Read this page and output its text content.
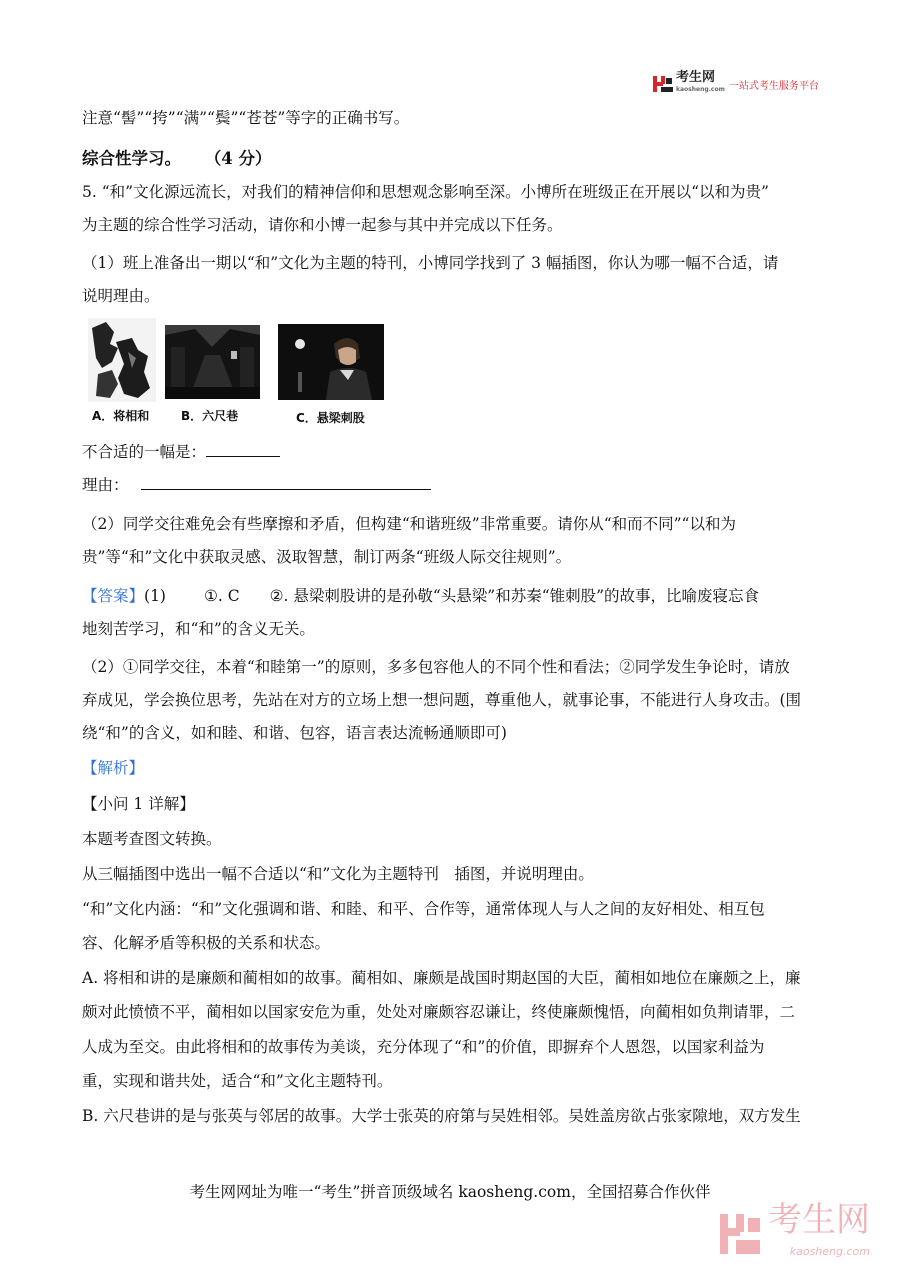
考生网
kaosheng.com 一站式考生服务平台
注意“髻”“挎”“满”“鬓”“苍苍”等字的正确书写。
综合性学习。 （4 分）
5. “和”文化源远流长，对我们的精神信仰和思想观念影响至深。小博所在班级正在开展以“以和为贵”
为主题的综合性学习活动，请你和小博一起参与其中并完成以下任务。
（1）班上准备出一期以“和”文化为主题的特刊，小博同学找到了 3 幅插图，你认为哪一幅不合适，请
说明理由。
A．将相和	B．六尺巷	C．悬梁刺股
不合适的一幅是：
理由：
（2）同学交往难免会有些摩擦和矛盾，但构建“和谐班级”非常重要。请你从“和而不同”“以和为
贵”等“和”文化中获取灵感、汲取智慧，制订两条“班级人际交往规则”。
【答案】(1) ①. C ②. 悬梁刺股讲的是孙敬“头悬梁”和苏秦“锥刺股”的故事，比喻废寝忘食
地刻苦学习，和“和”的含义无关。
（2）①同学交往，本着“和睦第一”的原则，多多包容他人的不同个性和看法；②同学发生争论时，请放
弃成见，学会换位思考，先站在对方的立场上想一想问题，尊重他人，就事论事，不能进行人身攻击。(围
绕“和”的含义，如和睦、和谐、包容，语言表达流畅通顺即可)
【解析】
【小问 1 详解】
本题考查图文转换。
从三幅插图中选出一幅不合适以“和”文化为主题特刊　插图，并说明理由。
“和”文化内涵：“和”文化强调和谐、和睦、和平、合作等，通常体现人与人之间的友好相处、相互包
容、化解矛盾等积极的关系和状态。
A. 将相和讲的是廉颇和蔺相如的故事。蔺相如、廉颇是战国时期赵国的大臣，蔺相如地位在廉颇之上，廉
颇对此愤愤不平，蔺相如以国家安危为重，处处对廉颇容忍谦让，终使廉颇愧悟，向蔺相如负荆请罪，二
人成为至交。由此将相和的故事传为美谈，充分体现了“和”的价值，即摒弃个人恩怨，以国家利益为
重，实现和谐共处，适合“和”文化主题特刊。
B. 六尺巷讲的是与张英与邻居的故事。大学士张英的府第与吴姓相邻。吴姓盖房欲占张家隙地，双方发生
考生网网址为唯一“考生”拼音顶级域名 kaosheng.com，全国招募合作伙伴
考生网
kaosheng.com
